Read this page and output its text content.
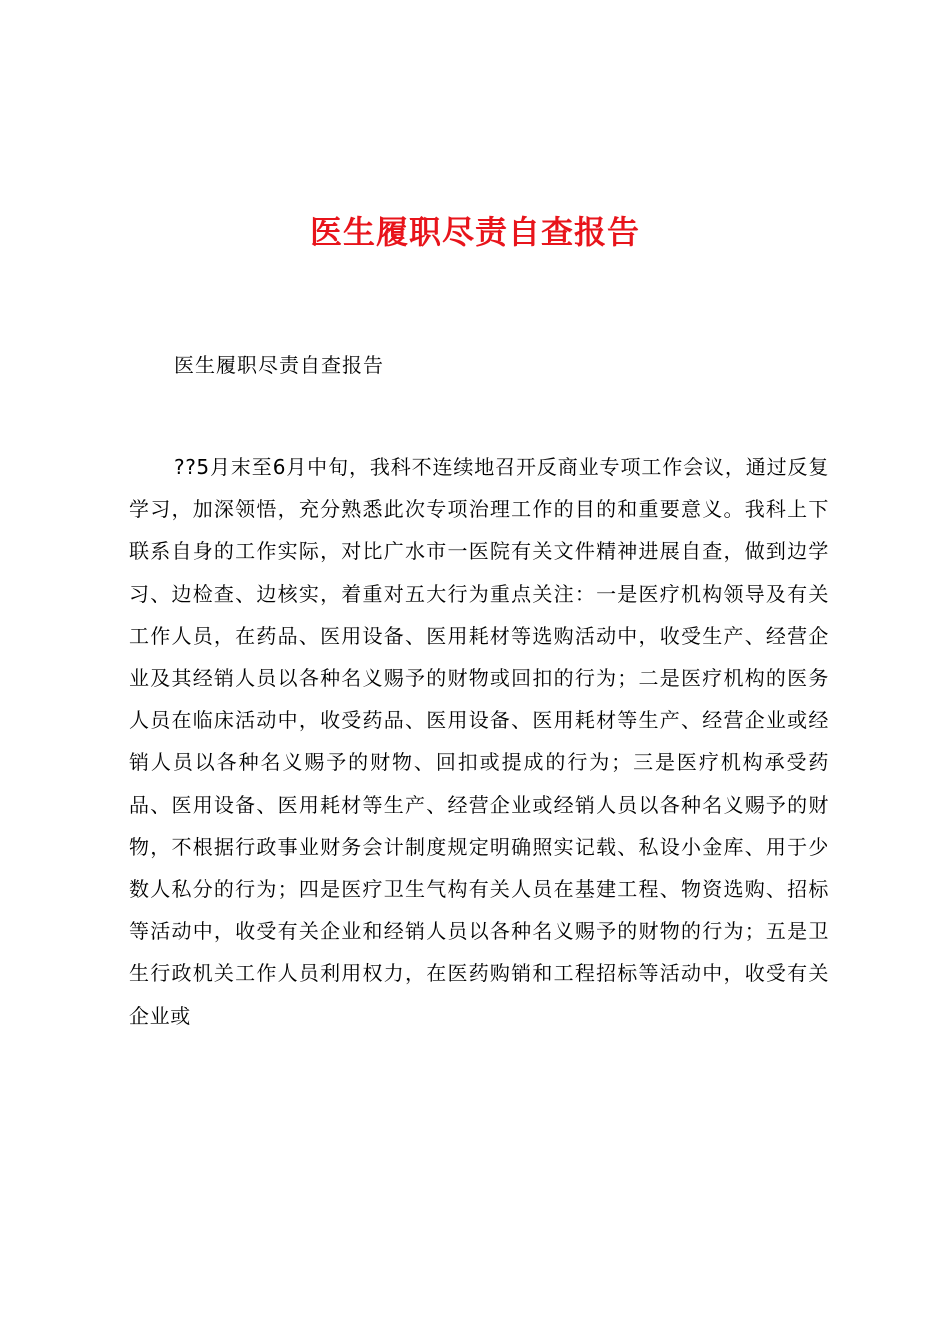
医生履职尽责自查报告
医生履职尽责自查报告

??5月末至6月中旬，我科不连续地召开反商业专项工作会议，通过反复学习，加深领悟，充分熟悉此次专项治理工作的目的和重要意义。我科上下联系自身的工作实际，对比广水市一医院有关文件精神进展自查，做到边学习、边检查、边核实，着重对五大行为重点关注：一是医疗机构领导及有关工作人员，在药品、医用设备、医用耗材等选购活动中，收受生产、经营企业及其经销人员以各种名义赐予的财物或回扣的行为；二是医疗机构的医务人员在临床活动中，收受药品、医用设备、医用耗材等生产、经营企业或经销人员以各种名义赐予的财物、回扣或提成的行为；三是医疗机构承受药品、医用设备、医用耗材等生产、经营企业或经销人员以各种名义赐予的财物，不根据行政事业财务会计制度规定明确照实记载、私设小金库、用于少数人私分的行为；四是医疗卫生气构有关人员在基建工程、物资选购、招标等活动中，收受有关企业和经销人员以各种名义赐予的财物的行为；五是卫生行政机关工作人员利用权力，在医药购销和工程招标等活动中，收受有关企业或
